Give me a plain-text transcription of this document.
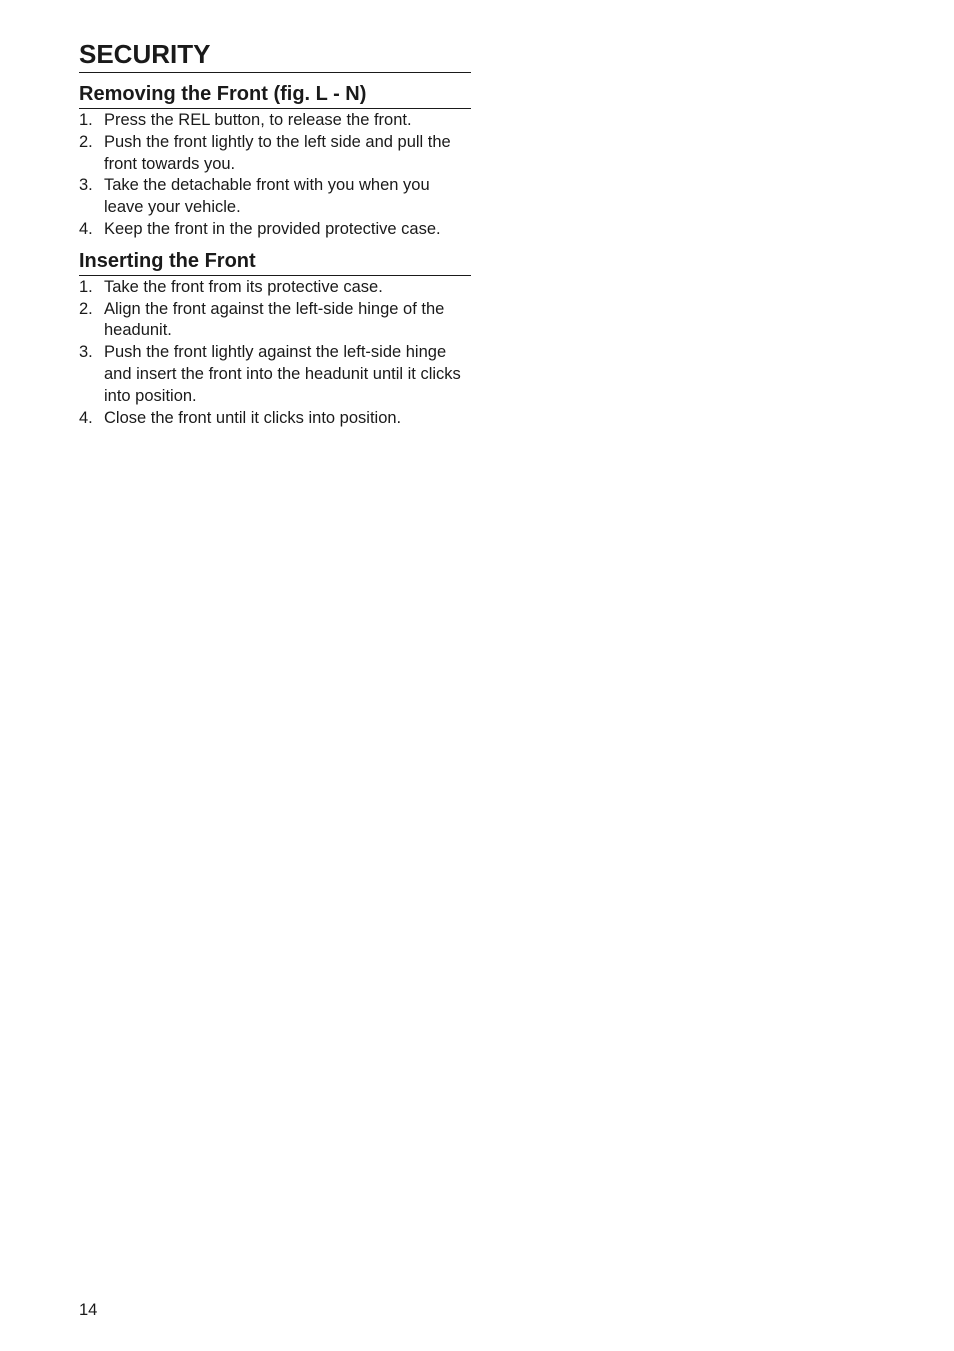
SECURITY
Removing the Front (fig. L - N)
1. Press the REL button, to release the front.
2. Push the front lightly to the left side and pull the front towards you.
3. Take the detachable front with you when you leave your vehicle.
4. Keep the front in the provided protective case.
Inserting the Front
1. Take the front from its protective case.
2. Align the front against the left-side hinge of the headunit.
3. Push the front lightly against the left-side hinge and insert the front into the headunit until it clicks into position.
4. Close the front until it clicks into position.
14
